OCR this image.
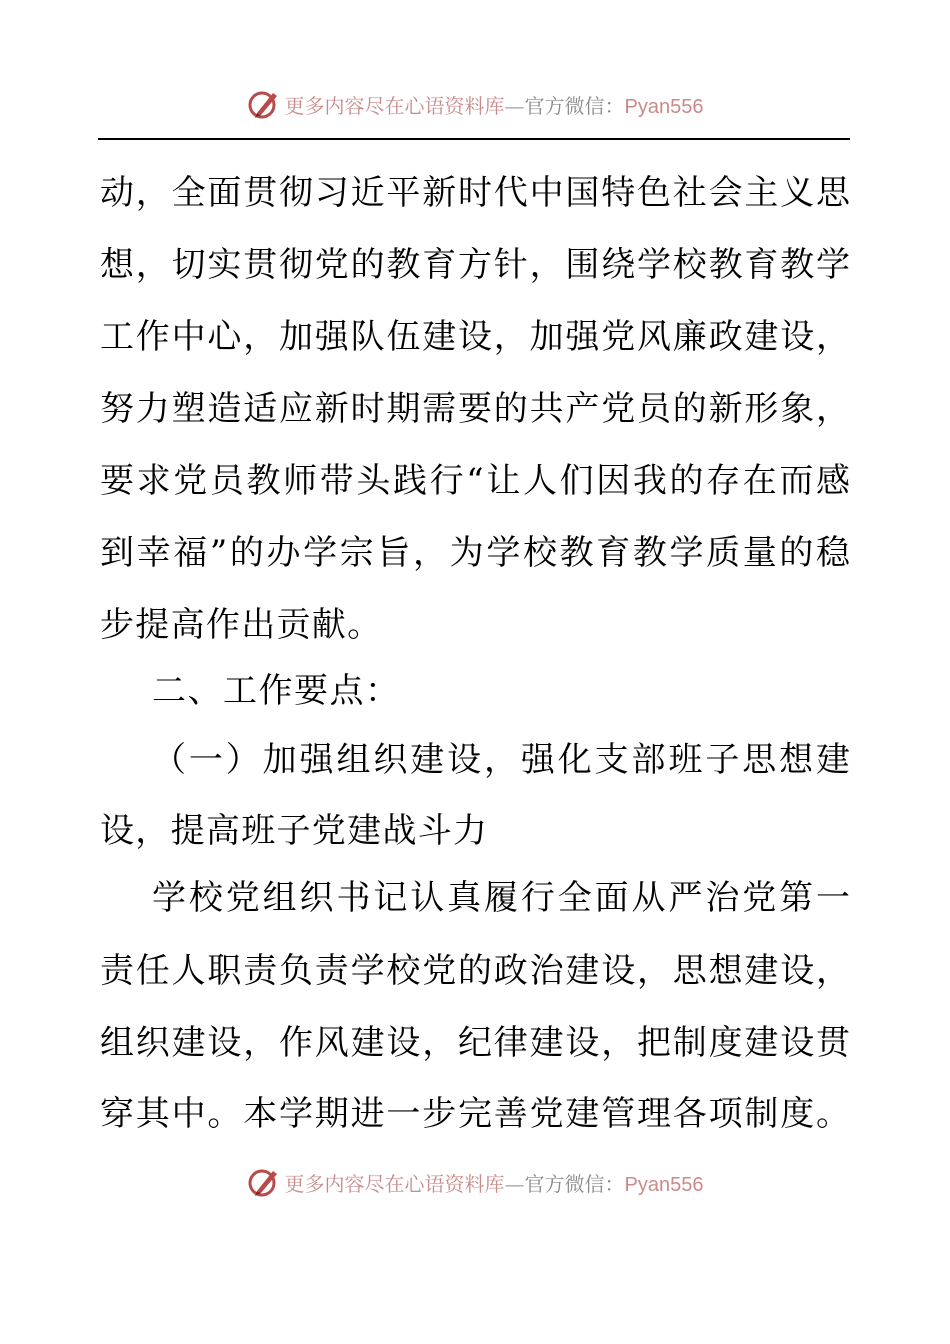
更多内容尽在心语资料库—官方微信：Pyan556
动，全面贯彻习近平新时代中国特色社会主义思
想，切实贯彻党的教育方针，围绕学校教育教学
工作中心，加强队伍建设，加强党风廉政建设，
努力塑造适应新时期需要的共产党员的新形象，
要求党员教师带头践行“让人们因我的存在而感
到幸福”的办学宗旨，为学校教育教学质量的稳
步提高作出贡献。
二、工作要点：
（一）加强组织建设，强化支部班子思想建
设，提高班子党建战斗力
学校党组织书记认真履行全面从严治党第一
责任人职责负责学校党的政治建设，思想建设，
组织建设，作风建设，纪律建设，把制度建设贯
穿其中。本学期进一步完善党建管理各项制度。
更多内容尽在心语资料库—官方微信：Pyan556
